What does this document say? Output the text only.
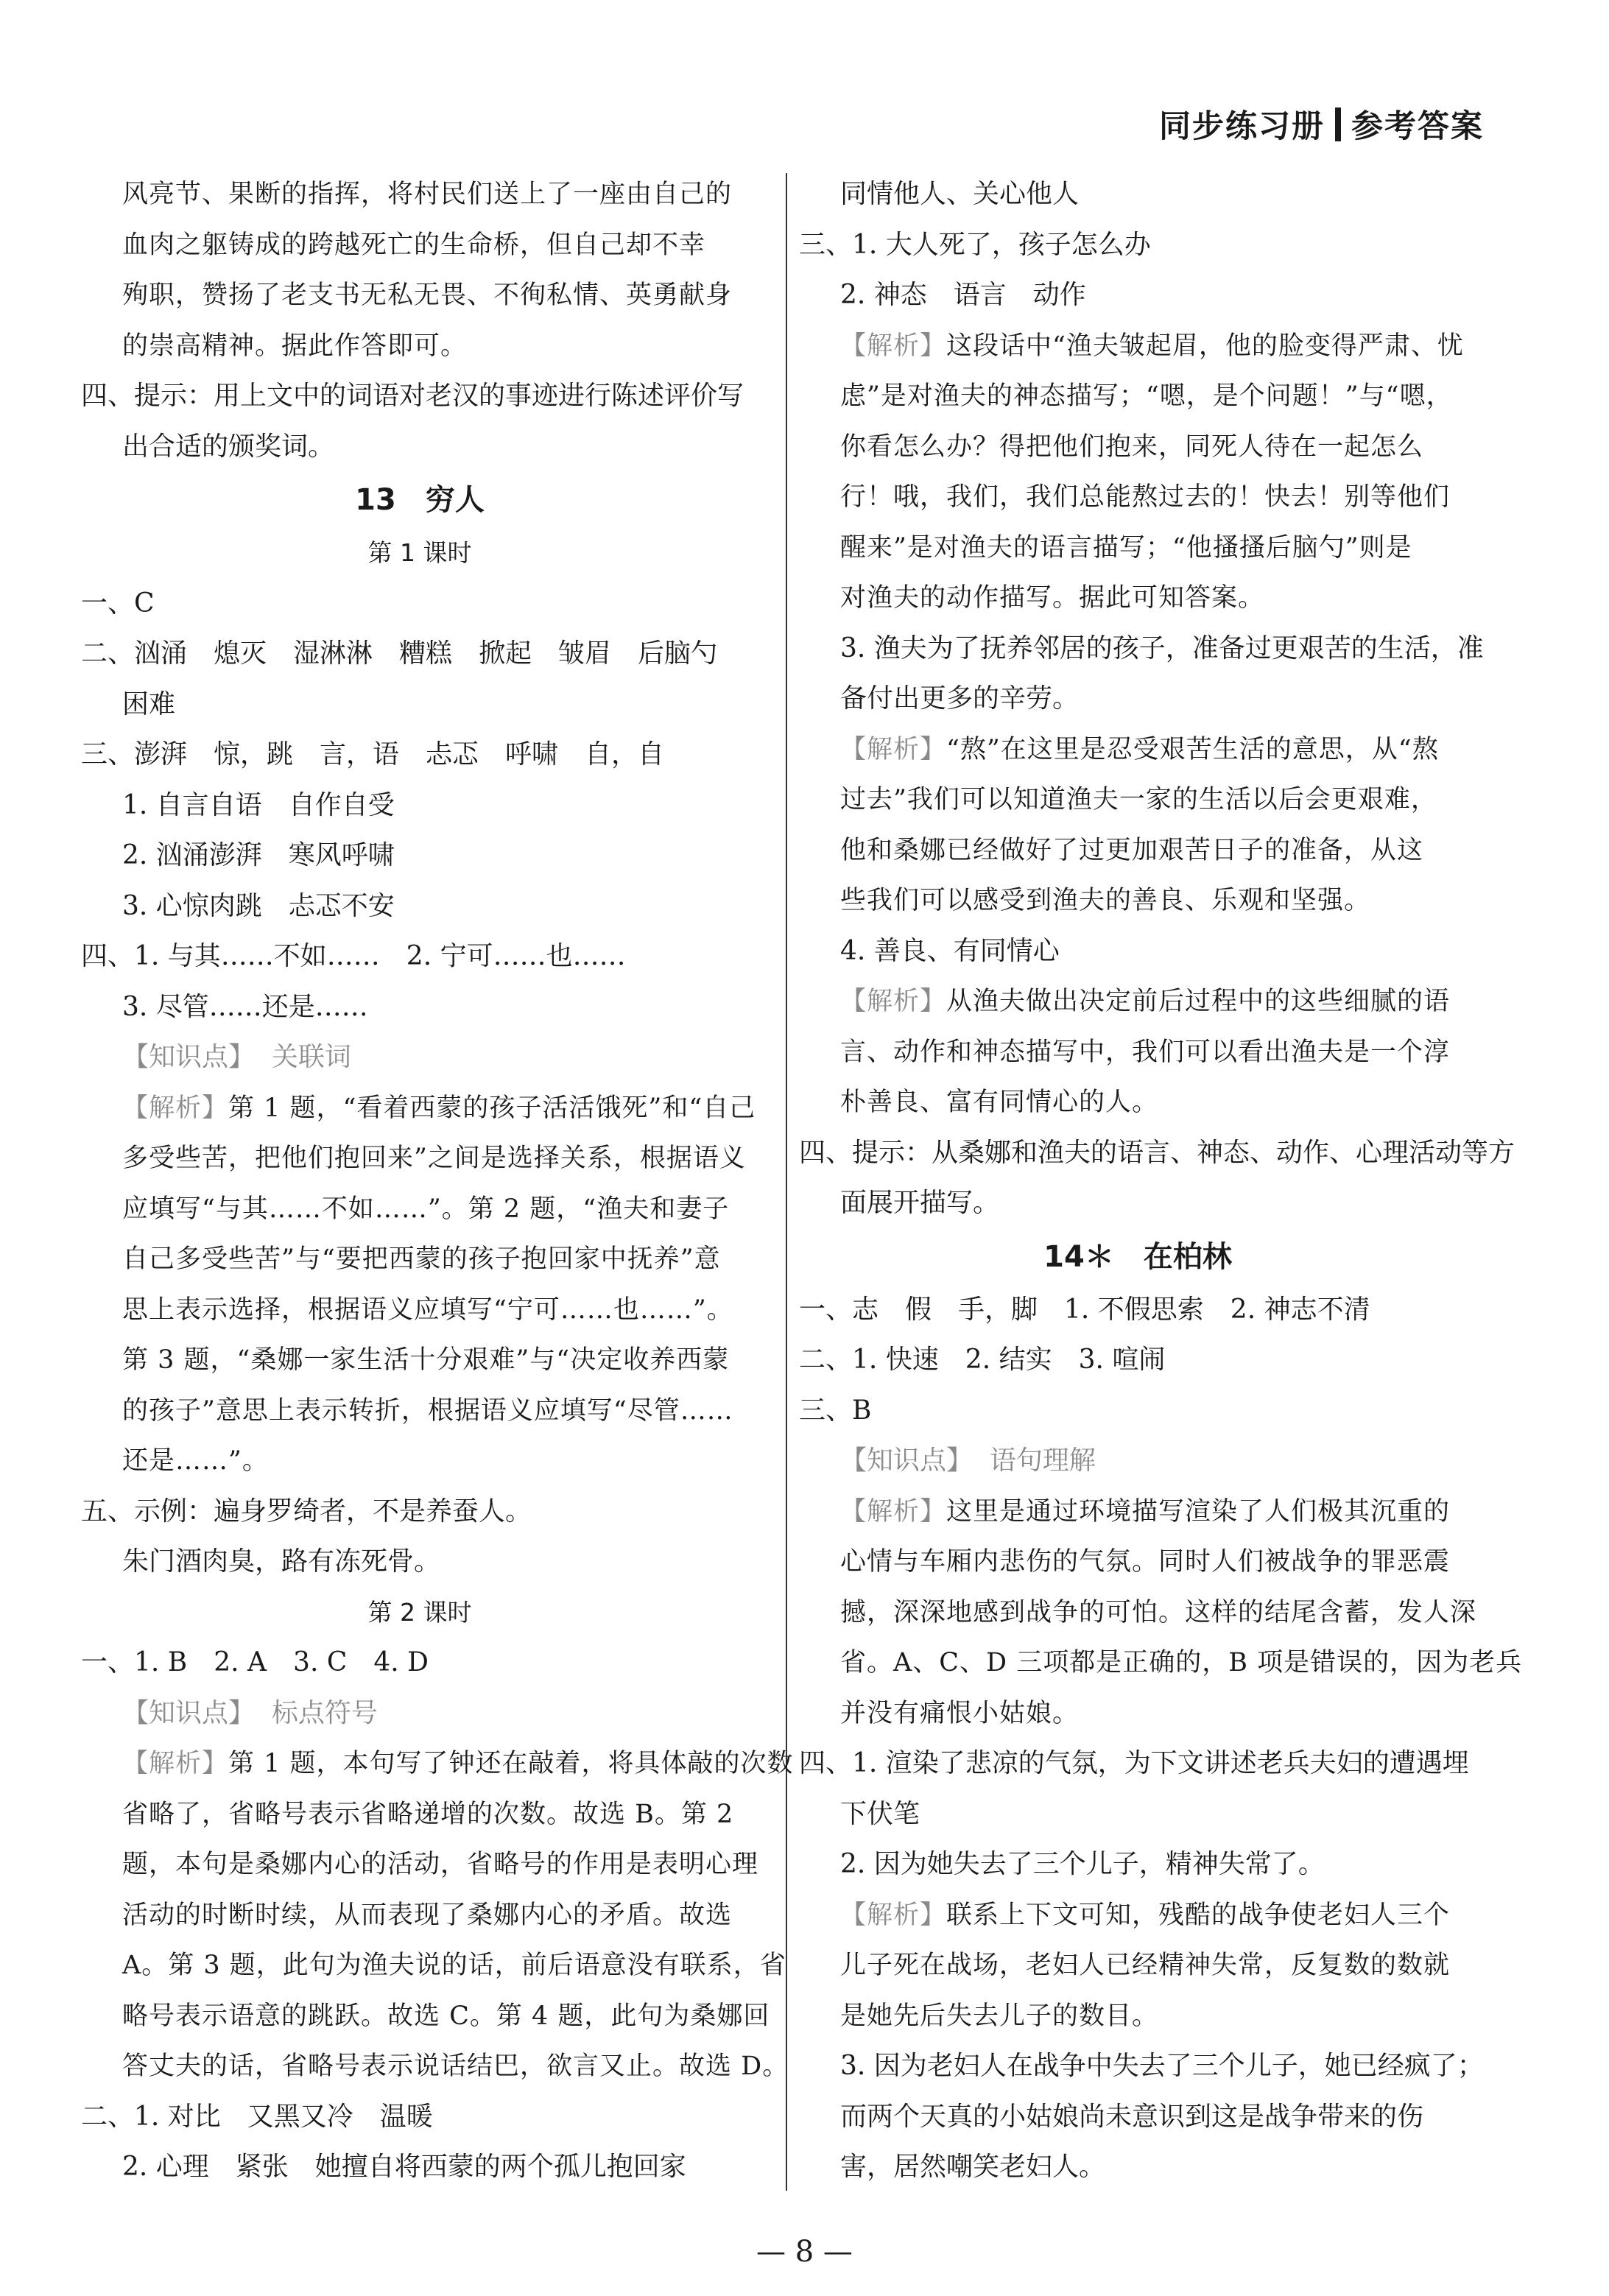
同步练习册 参考答案
风亮节、果断的指挥，将村民们送上了一座由自己的
血肉之躯铸成的跨越死亡的生命桥，但自己却不幸
殉职，赞扬了老支书无私无畏、不徇私情、英勇献身
的崇高精神。据此作答即可。
四、提示：用上文中的词语对老汉的事迹进行陈述评价写
出合适的颁奖词。
13　穷人
第 1 课时
一、C
二、汹涌　熄灭　湿淋淋　糟糕　掀起　皱眉　后脑勺
困难
三、澎湃　惊，跳　言，语　忐忑　呼啸　自，自
1. 自言自语　自作自受
2. 汹涌澎湃　寒风呼啸
3. 心惊肉跳　忐忑不安
四、1. 与其……不如……　2. 宁可……也……
3. 尽管……还是……
【知识点】 关联词
【解析】第 1 题，“看着西蒙的孩子活活饿死”和“自己
多受些苦，把他们抱回来”之间是选择关系，根据语义
应填写“与其……不如……”。第 2 题，“渔夫和妻子
自己多受些苦”与“要把西蒙的孩子抱回家中抚养”意
思上表示选择，根据语义应填写“宁可……也……”。
第 3 题，“桑娜一家生活十分艰难”与“决定收养西蒙
的孩子”意思上表示转折，根据语义应填写“尽管……
还是……”。
五、示例：遍身罗绮者，不是养蚕人。
朱门酒肉臭，路有冻死骨。
第 2 课时
一、1. B　2. A　3. C　4. D
【知识点】 标点符号
【解析】第 1 题，本句写了钟还在敲着，将具体敲的次数
省略了，省略号表示省略递增的次数。故选 B。第 2
题，本句是桑娜内心的活动，省略号的作用是表明心理
活动的时断时续，从而表现了桑娜内心的矛盾。故选
A。第 3 题，此句为渔夫说的话，前后语意没有联系，省
略号表示语意的跳跃。故选 C。第 4 题，此句为桑娜回
答丈夫的话，省略号表示说话结巴，欲言又止。故选 D。
二、1. 对比　又黑又冷　温暖
2. 心理　紧张　她擅自将西蒙的两个孤儿抱回家
同情他人、关心他人
三、1. 大人死了，孩子怎么办
2. 神态　语言　动作
【解析】这段话中“渔夫皱起眉，他的脸变得严肃、忧
虑”是对渔夫的神态描写；“嗯，是个问题！”与“嗯，
你看怎么办？得把他们抱来，同死人待在一起怎么
行！哦，我们，我们总能熬过去的！快去！别等他们
醒来”是对渔夫的语言描写；“他搔搔后脑勺”则是
对渔夫的动作描写。据此可知答案。
3. 渔夫为了抚养邻居的孩子，准备过更艰苦的生活，准
备付出更多的辛劳。
【解析】“熬”在这里是忍受艰苦生活的意思，从“熬
过去”我们可以知道渔夫一家的生活以后会更艰难，
他和桑娜已经做好了过更加艰苦日子的准备，从这
些我们可以感受到渔夫的善良、乐观和坚强。
4. 善良、有同情心
【解析】从渔夫做出决定前后过程中的这些细腻的语
言、动作和神态描写中，我们可以看出渔夫是一个淳
朴善良、富有同情心的人。
四、提示：从桑娜和渔夫的语言、神态、动作、心理活动等方
面展开描写。
14＊　在柏林
一、志　假　手，脚　1. 不假思索　2. 神志不清
二、1. 快速　2. 结实　3. 喧闹
三、B
【知识点】 语句理解
【解析】这里是通过环境描写渲染了人们极其沉重的
心情与车厢内悲伤的气氛。同时人们被战争的罪恶震
撼，深深地感到战争的可怕。这样的结尾含蓄，发人深
省。A、C、D 三项都是正确的，B 项是错误的，因为老兵
并没有痛恨小姑娘。
四、1. 渲染了悲凉的气氛，为下文讲述老兵夫妇的遭遇埋
下伏笔
2. 因为她失去了三个儿子，精神失常了。
【解析】联系上下文可知，残酷的战争使老妇人三个
儿子死在战场，老妇人已经精神失常，反复数的数就
是她先后失去儿子的数目。
3. 因为老妇人在战争中失去了三个儿子，她已经疯了；
而两个天真的小姑娘尚未意识到这是战争带来的伤
害，居然嘲笑老妇人。
— 8 —
